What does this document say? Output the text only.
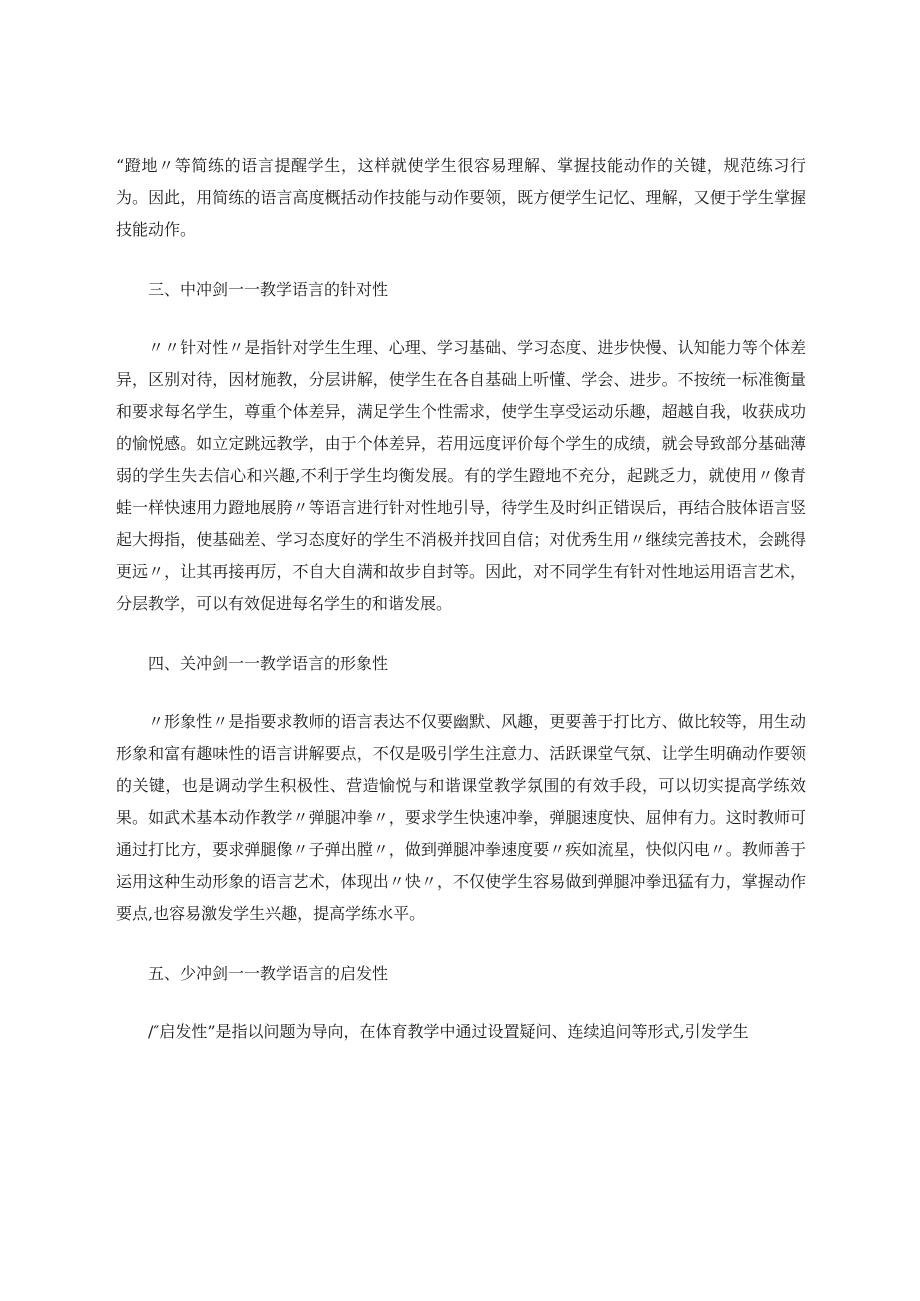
“蹬地〃等简练的语言提醒学生，这样就使学生很容易理解、掌握技能动作的关键，规范练习行为。因此，用简练的语言高度概括动作技能与动作要领，既方便学生记忆、理解，又便于学生掌握技能动作。

三、中冲剑一一教学语言的针对性

〃〃针对性〃是指针对学生生理、心理、学习基础、学习态度、进步快慢、认知能力等个体差异，区别对待，因材施教，分层讲解，使学生在各自基础上听懂、学会、进步。不按统一标准衡量和要求每名学生，尊重个体差异，满足学生个性需求，使学生享受运动乐趣，超越自我，收获成功的愉悦感。如立定跳远教学，由于个体差异，若用远度评价每个学生的成绩，就会导致部分基础薄弱的学生失去信心和兴趣,不利于学生均衡发展。有的学生蹬地不充分，起跳乏力，就使用〃像青蛙一样快速用力蹬地展胯〃等语言进行针对性地引导，待学生及时纠正错误后，再结合肢体语言竖起大拇指，使基础差、学习态度好的学生不消极并找回自信；对优秀生用〃继续完善技术，会跳得更远〃，让其再接再厉，不自大自满和故步自封等。因此，对不同学生有针对性地运用语言艺术，分层教学，可以有效促进每名学生的和谐发展。

四、关冲剑一一教学语言的形象性

〃形象性〃是指要求教师的语言表达不仅要幽默、风趣，更要善于打比方、做比较等，用生动形象和富有趣味性的语言讲解要点，不仅是吸引学生注意力、活跃课堂气氛、让学生明确动作要领的关键，也是调动学生积极性、营造愉悦与和谐课堂教学氛围的有效手段，可以切实提高学练效果。如武术基本动作教学〃弹腿冲拳〃，要求学生快速冲拳，弹腿速度快、屈伸有力。这时教师可通过打比方，要求弹腿像〃子弹出膛〃，做到弹腿冲拳速度要〃疾如流星，快似闪电〃。教师善于运用这种生动形象的语言艺术，体现出〃快〃，不仅使学生容易做到弹腿冲拳迅猛有力，掌握动作要点,也容易激发学生兴趣，提高学练水平。

五、少冲剑一一教学语言的启发性

/″启发性”是指以问题为导向，在体育教学中通过设置疑问、连续追问等形式,引发学生
